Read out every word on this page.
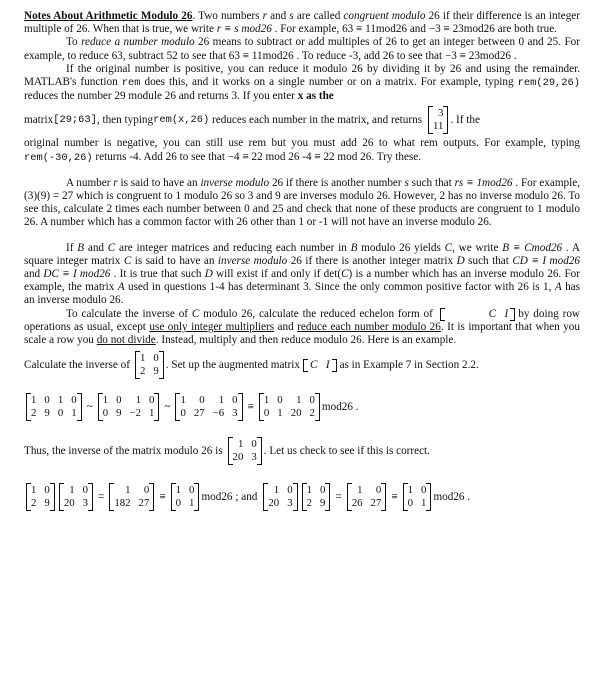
Notes About Arithmetic Modulo 26. Two numbers r and s are called congruent modulo 26 if their difference is an integer multiple of 26. When that is true, we write r ≡ s mod26 . For example, 63 ≡ 11mod26 and −3 ≡ 23mod26 are both true.

To reduce a number modulo 26 means to subtract or add multiples of 26 to get an integer between 0 and 25. For example, to reduce 63, subtract 52 to see that 63 ≡ 11mod26 . To reduce -3, add 26 to see that −3 ≡ 23mod26 .

If the original number is positive, you can reduce it modulo 26 by dividing it by 26 and using the remainder. MATLAB's function rem does this, and it works on a single number or on a matrix. For example, typing rem(29,26) reduces the number 29 module 26 and returns 3. If you enter x as the

matrix [29;63] , then typing rem(x,26)
reduces each number in the matrix, and returns
3
11
. If the

original number is negative, you can still use rem but you must add 26 to what rem outputs. For example, typing rem(-30,26) returns -4. Add 26 to see that −4 ≡ 22 mod 26 -4 ≡ 22 mod 26. Try these.

A number r is said to have an inverse modulo 26 if there is another number s such that rs ≡ 1mod26 . For example, (3)(9) = 27 which is congruent to 1 modulo 26 so 3 and 9 are inverses modulo 26. However, 2 has no inverse modulo 26. To see this, calculate 2 times each number between 0 and 25 and check that none of these products are congruent to 1 modulo 26. A number which has a common factor with 26 other than 1 or -1 will not have an inverse modulo 26.

If B and C are integer matrices and reducing each number in B modulo 26 yields C, we write B ≡ Cmod26 . A square integer matrix C is said to have an inverse modulo 26 if there is another integer matrix D such that CD ≡ I mod26 and DC ≡ I mod26 . It is true that such D will exist if and only if det(C) is a number which has an inverse modulo 26. For example, the matrix A used in questions 1-4 has determinant 3. Since the only common positive factor with 26 is 1, A has an inverse modulo 26.

To calculate the inverse of C modulo 26, calculate the reduced echelon form of	C I by doing row operations as usual, except use only integer multipliers and reduce each number modulo 26. It is important that when you scale a row you do not divide. Instead, multiply and then reduce modulo 26. Here is an example.

Calculate the inverse of
1 0
2 9
. Set up the augmented matrix C I as in Example 7 in Section 2.2.
1 0 1 0
2 9 0 1
~
1 0	1 0
0 9 −2 1
~
1	0	1 0
0 27 −6 3
≡
1 0	1 0
0 1 20 2
mod26 .
Thus, the inverse of the matrix modulo 26 is
1 0
20 3
. Let us check to see if this is correct.
1 0
2 9
1 0
20 3
=
1	0
182 27
≡
1 0
0 1
mod26 ; and
1 0
20 3
1 0
2 9
=
1	0
26 27
≡
1 0
0 1
mod26 .
